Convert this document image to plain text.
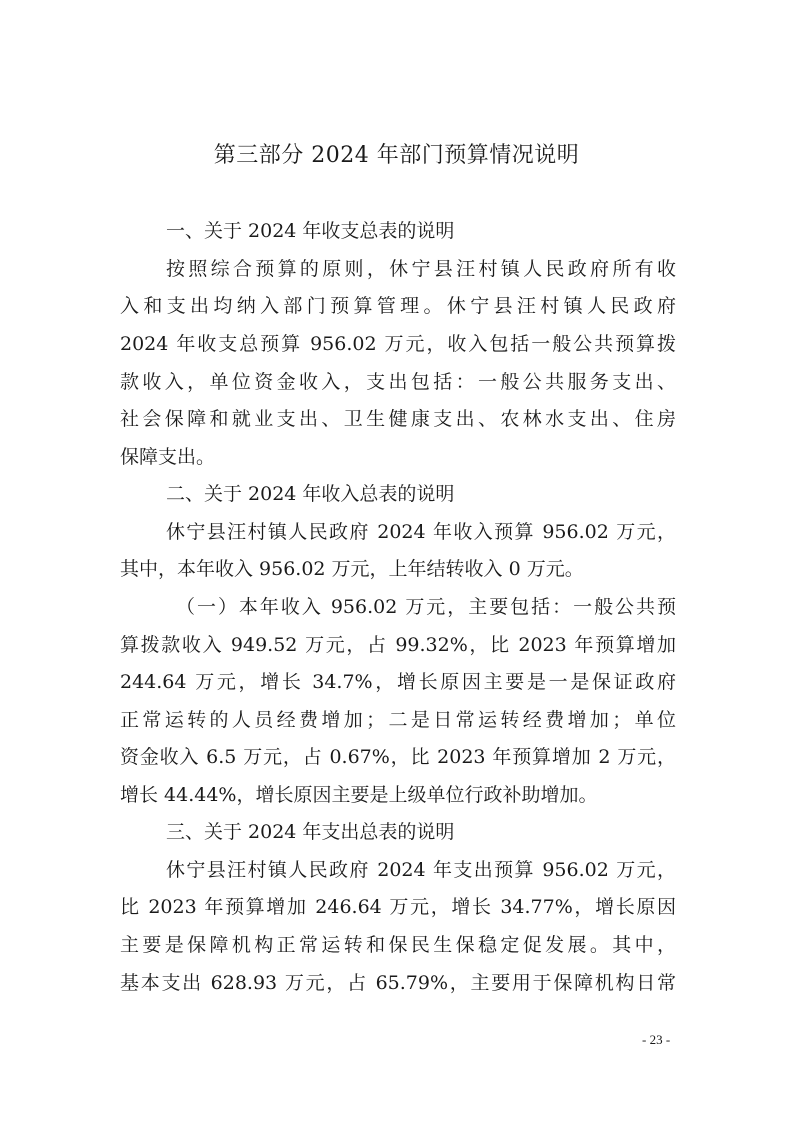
第三部分 2024 年部门预算情况说明
一、关于 2024 年收支总表的说明
按照综合预算的原则，休宁县汪村镇人民政府所有收
入和支出均纳入部门预算管理。休宁县汪村镇人民政府
2024 年收支总预算 956.02 万元，收入包括一般公共预算拨
款收入，单位资金收入，支出包括：一般公共服务支出、
社会保障和就业支出、卫生健康支出、农林水支出、住房
保障支出。
二、关于 2024 年收入总表的说明
休宁县汪村镇人民政府 2024 年收入预算 956.02 万元，
其中，本年收入 956.02 万元，上年结转收入 0 万元。
（一）本年收入 956.02 万元，主要包括：一般公共预
算拨款收入 949.52 万元，占 99.32%，比 2023 年预算增加
244.64 万元，增长 34.7%，增长原因主要是一是保证政府
正常运转的人员经费增加；二是日常运转经费增加；单位
资金收入 6.5 万元，占 0.67%，比 2023 年预算增加 2 万元，
增长 44.44%，增长原因主要是上级单位行政补助增加。
三、关于 2024 年支出总表的说明
休宁县汪村镇人民政府 2024 年支出预算 956.02 万元，
比 2023 年预算增加 246.64 万元，增长 34.77%，增长原因
主要是保障机构正常运转和保民生保稳定促发展。其中，
基本支出 628.93 万元，占 65.79%，主要用于保障机构日常
- 23 -
